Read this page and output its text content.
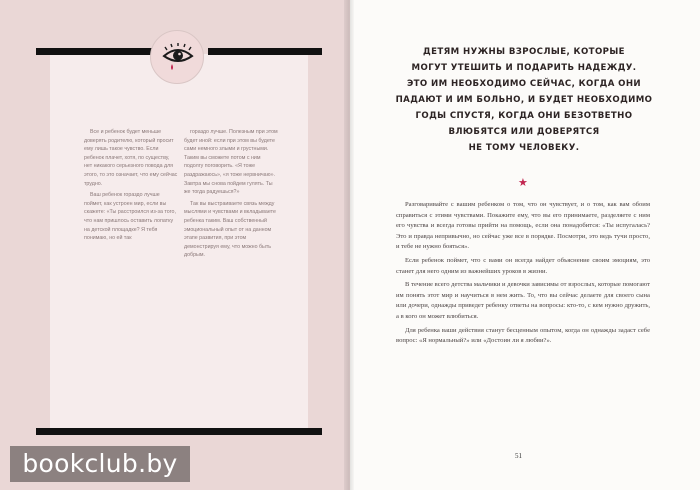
Все и ребенок будет меньше доверять родителю, который просит ему лишь такое чувство. Если ребенок плачет, хотя, по существу, нет никакого серьезного повода для этого, то это означает, что ему сейчас трудно.

Ваш ребенок гораздо лучше поймет, как устроен мир, если вы скажете: «Ты расстроился из-за того, что нам пришлось оставить лопатку на детской площадке? Я тебя понимаю, но ей так

гораздо лучше. Полезным при этом будет иной: если при этом вы будете сами немного злыми и грустными. Таким вы сможете потом с ним подолгу поговорить. «Я тоже раздражаюсь», «я тоже нервничаю». Завтра мы снова пойдем гулять. Ты же тогда радуешься?»

Так вы выстраиваете связь между мыслями и чувствами и вкладываете ребенка таким. Ваш собственный эмоциональный опыт от на данном этапе развития, при этом демонстрируя ему, что можно быть добрым.

ДЕТЯМ НУЖНЫ ВЗРОСЛЫЕ, КОТОРЫЕ
МОГУТ УТЕШИТЬ И ПОДАРИТЬ НАДЕЖДУ.
ЭТО ИМ НЕОБХОДИМО СЕЙЧАС, КОГДА ОНИ
ПАДАЮТ И ИМ БОЛЬНО, И БУДЕТ НЕОБХОДИМО
ГОДЫ СПУСТЯ, КОГДА ОНИ БЕЗОТВЕТНО
ВЛЮБЯТСЯ ИЛИ ДОВЕРЯТСЯ
НЕ ТОМУ ЧЕЛОВЕКУ.
★

Разговаривайте с вашим ребенком о том, что он чувствует, и о том, как вам обоим справиться с этими чувствами. Покажите ему, что вы его принимаете, разделяете с ним его чувства и всегда готовы прийти на помощь, если она понадобится: «Ты испугалась? Это и правда непривычно, но сейчас уже все в порядке. Посмотри, это ведь тучи просто, и тебе не нужно бояться».

Если ребенок поймет, что с вами он всегда найдет объяснение своим эмоциям, это станет для него одним из важнейших уроков в жизни.

В течение всего детства мальчики и девочки зависимы от взрослых, которые помогают им понять этот мир и научиться в нем жить. То, что вы сейчас делаете для своего сына или дочери, однажды приведет ребенку ответы на вопросы: кто-то, с кем нужно дружить, а в кого он может влюбиться.

Для ребенка ваши действия станут бесценным опытом, когда он однажды задаст себе вопрос: «Я нормальный?» или «Достоин ли я любви?».

51
bookclub.by
